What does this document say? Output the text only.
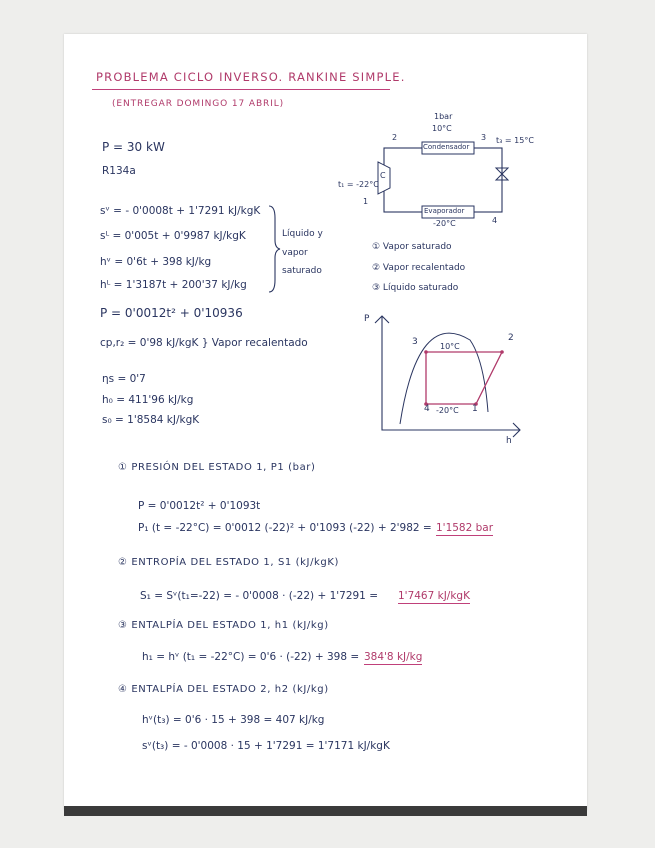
PROBLEMA CICLO INVERSO. RANKINE SIMPLE.
(ENTREGAR DOMINGO 17 ABRIL)
P = 30 kW
R134a
sᵛ = - 0'0008t + 1'7291 kJ/kgK
sᴸ = 0'005t + 0'9987 kJ/kgK
hᵛ = 0'6t + 398 kJ/kg
hᴸ = 1'3187t + 200'37 kJ/kg
Líquido y
vapor
saturado
P = 0'0012t² + 0'10936
cp,r₂ = 0'98 kJ/kgK } Vapor recalentado
ηs = 0'7
h₀ = 411'96 kJ/kg
s₀ = 1'8584 kJ/kgK
1bar
10°C
2	3 t₃ = 15°C
Condensador
C
t₁ = -22°C
1
Evaporador
-20°C	4
① Vapor saturado
② Vapor recalentado
③ Líquido saturado
P
h
3	2
4	1
10°C
-20°C
① PRESIÓN DEL ESTADO 1, P1 (bar)
P = 0'0012t² + 0'1093t
P₁ (t = -22°C) = 0'0012 (-22)² + 0'1093 (-22) + 2'982 = 1'1582 bar
② ENTROPÍA DEL ESTADO 1, S1 (kJ/kgK)
S₁ = Sᵛ(t₁=-22) = - 0'0008 · (-22) + 1'7291 = 1'7467 kJ/kgK
③ ENTALPÍA DEL ESTADO 1, h1 (kJ/kg)
h₁ = hᵛ (t₁ = -22°C) = 0'6 · (-22) + 398 = 384'8 kJ/kg
④ ENTALPÍA DEL ESTADO 2, h2 (kJ/kg)
hᵛ(t₃) = 0'6 · 15 + 398 = 407 kJ/kg
sᵛ(t₃) = - 0'0008 · 15 + 1'7291 = 1'7171 kJ/kgK
